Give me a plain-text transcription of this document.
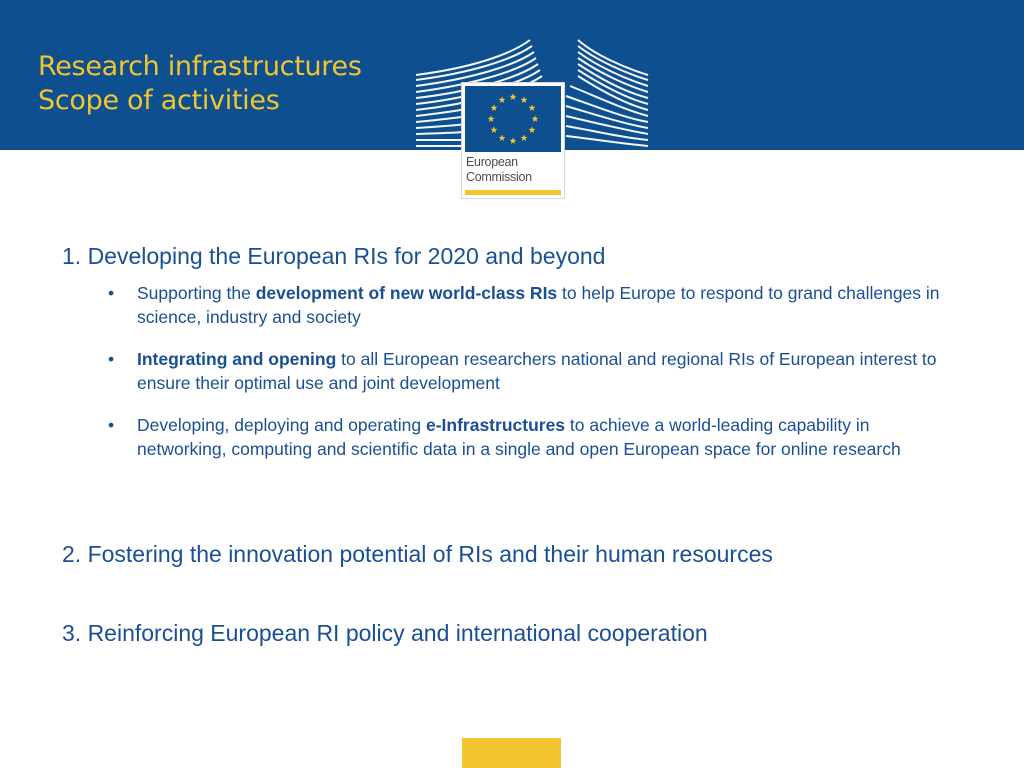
Research infrastructures
Scope of activities
European
Commission
1. Developing the European RIs for 2020 and beyond
• Supporting the development of new world-class RIs to help Europe to respond to grand challenges in science, industry and society
• Integrating and opening to all European researchers national and regional RIs of European interest to ensure their optimal use and joint development
• Developing, deploying and operating e-Infrastructures to achieve a world-leading capability in networking, computing and scientific data in a single and open European space for online research
2. Fostering the innovation potential of RIs and their human resources
3. Reinforcing European RI policy and international cooperation
